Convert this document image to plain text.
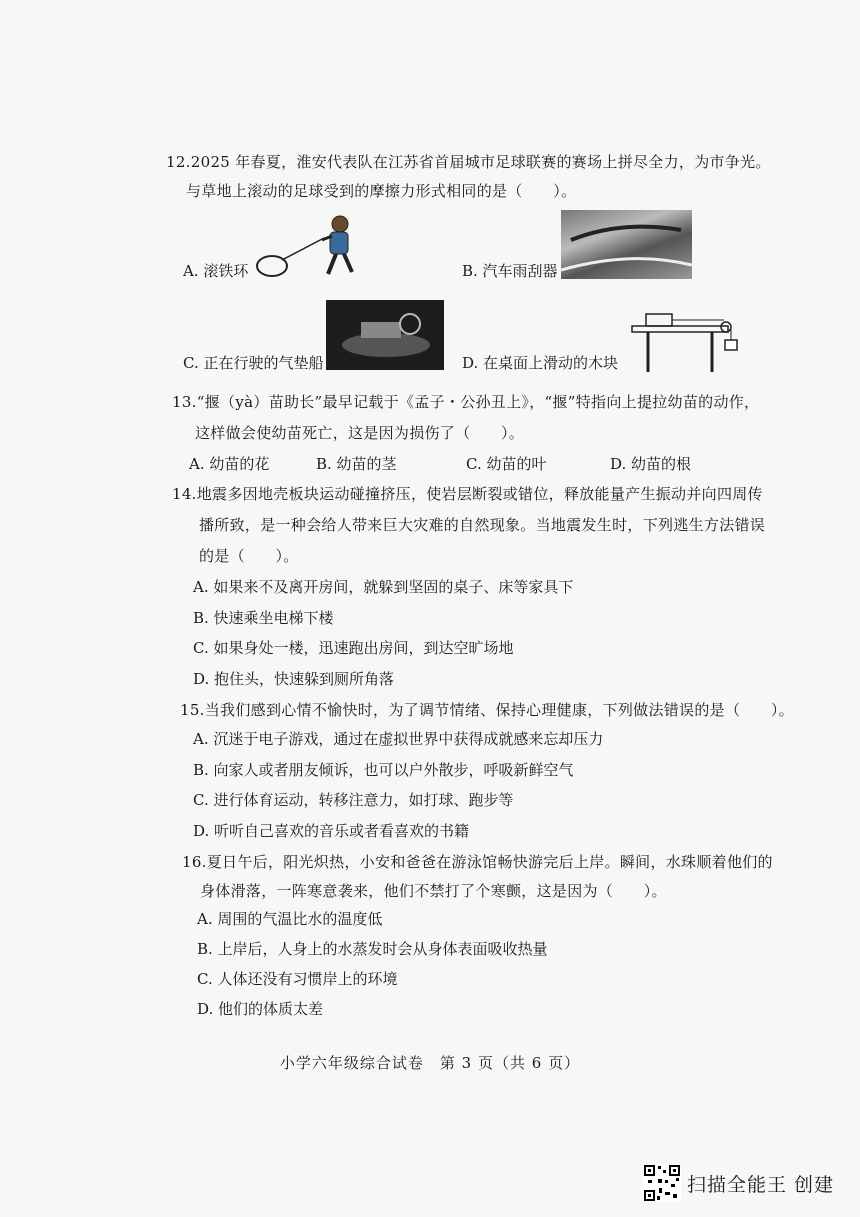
12.2025 年春夏，淮安代表队在江苏省首届城市足球联赛的赛场上拼尽全力，为市争光。
与草地上滚动的足球受到的摩擦力形式相同的是（　　）。
A. 滚铁环	B. 汽车雨刮器
C. 正在行驶的气垫船	D. 在桌面上滑动的木块
13.“揠（yà）苗助长”最早记载于《孟子・公孙丑上》，“揠”特指向上提拉幼苗的动作，
这样做会使幼苗死亡，这是因为损伤了（　　）。
A. 幼苗的花	B. 幼苗的茎	C. 幼苗的叶	D. 幼苗的根
14.地震多因地壳板块运动碰撞挤压，使岩层断裂或错位，释放能量产生振动并向四周传
播所致，是一种会给人带来巨大灾难的自然现象。当地震发生时，下列逃生方法错误
的是（　　）。
A. 如果来不及离开房间，就躲到坚固的桌子、床等家具下
B. 快速乘坐电梯下楼
C. 如果身处一楼，迅速跑出房间，到达空旷场地
D. 抱住头，快速躲到厕所角落
15.当我们感到心情不愉快时，为了调节情绪、保持心理健康，下列做法错误的是（　　）。
A. 沉迷于电子游戏，通过在虚拟世界中获得成就感来忘却压力
B. 向家人或者朋友倾诉，也可以户外散步，呼吸新鲜空气
C. 进行体育运动，转移注意力，如打球、跑步等
D. 听听自己喜欢的音乐或者看喜欢的书籍
16.夏日午后，阳光炽热，小安和爸爸在游泳馆畅快游完后上岸。瞬间，水珠顺着他们的
身体滑落，一阵寒意袭来，他们不禁打了个寒颤，这是因为（　　）。
A. 周围的气温比水的温度低
B. 上岸后，人身上的水蒸发时会从身体表面吸收热量
C. 人体还没有习惯岸上的环境
D. 他们的体质太差
小学六年级综合试卷　第 3 页（共 6 页）
扫描全能王 创建
